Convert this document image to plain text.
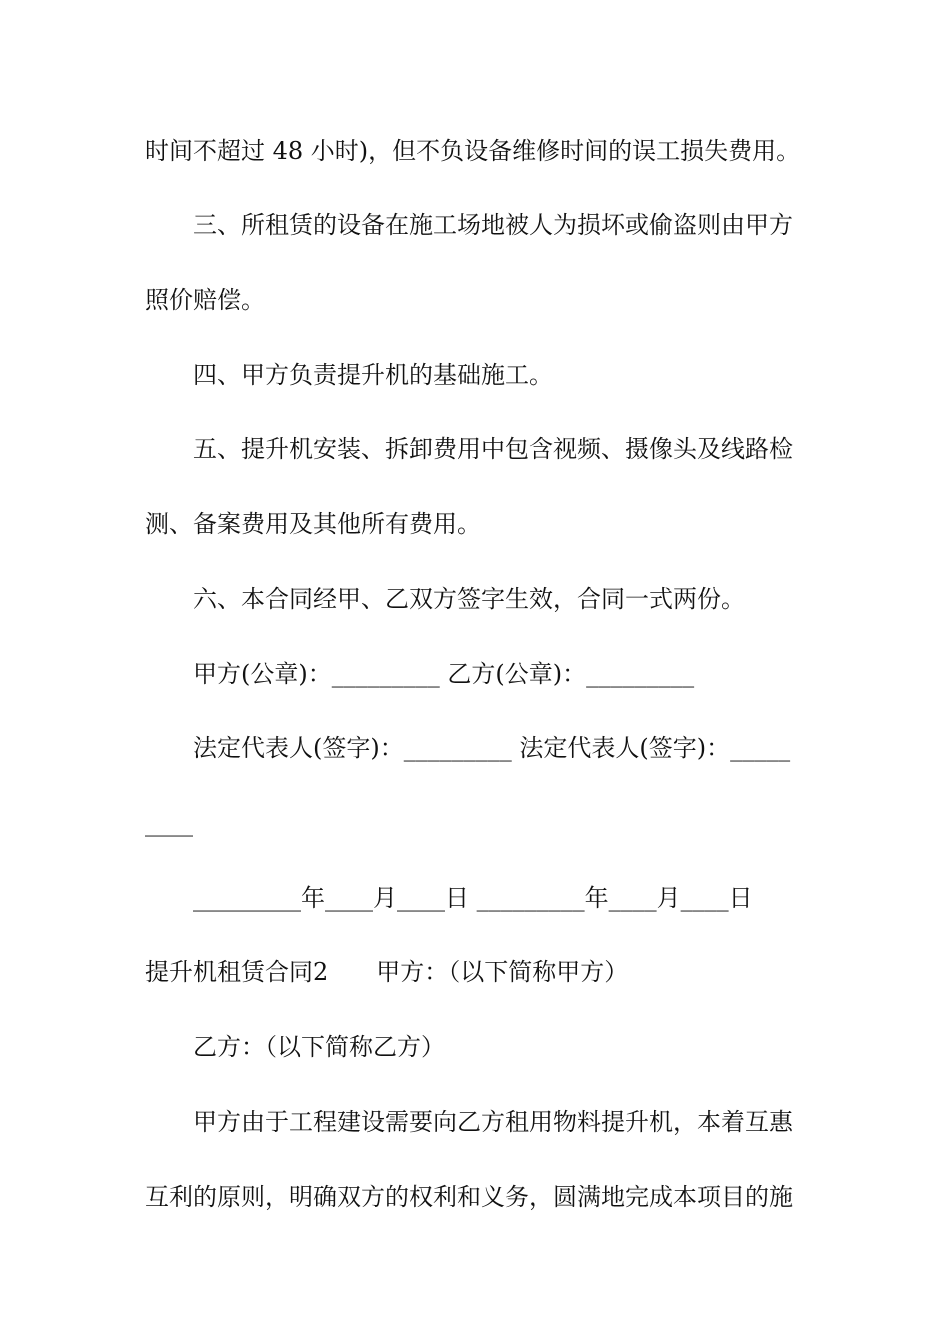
时间不超过 48 小时)，但不负设备维修时间的误工损失费用。
三、所租赁的设备在施工场地被人为损坏或偷盗则由甲方
照价赔偿。
四、甲方负责提升机的基础施工。
五、提升机安装、拆卸费用中包含视频、摄像头及线路检
测、备案费用及其他所有费用。
六、本合同经甲、乙双方签字生效，合同一式两份。
甲方(公章)：_________ 乙方(公章)：_________
法定代表人(签字)：_________ 法定代表人(签字)：_____
____
_________年____月____日 _________年____月____日
提升机租赁合同2　　甲方：（以下简称甲方）
乙方：（以下简称乙方）
甲方由于工程建设需要向乙方租用物料提升机，本着互惠
互利的原则，明确双方的权利和义务，圆满地完成本项目的施
